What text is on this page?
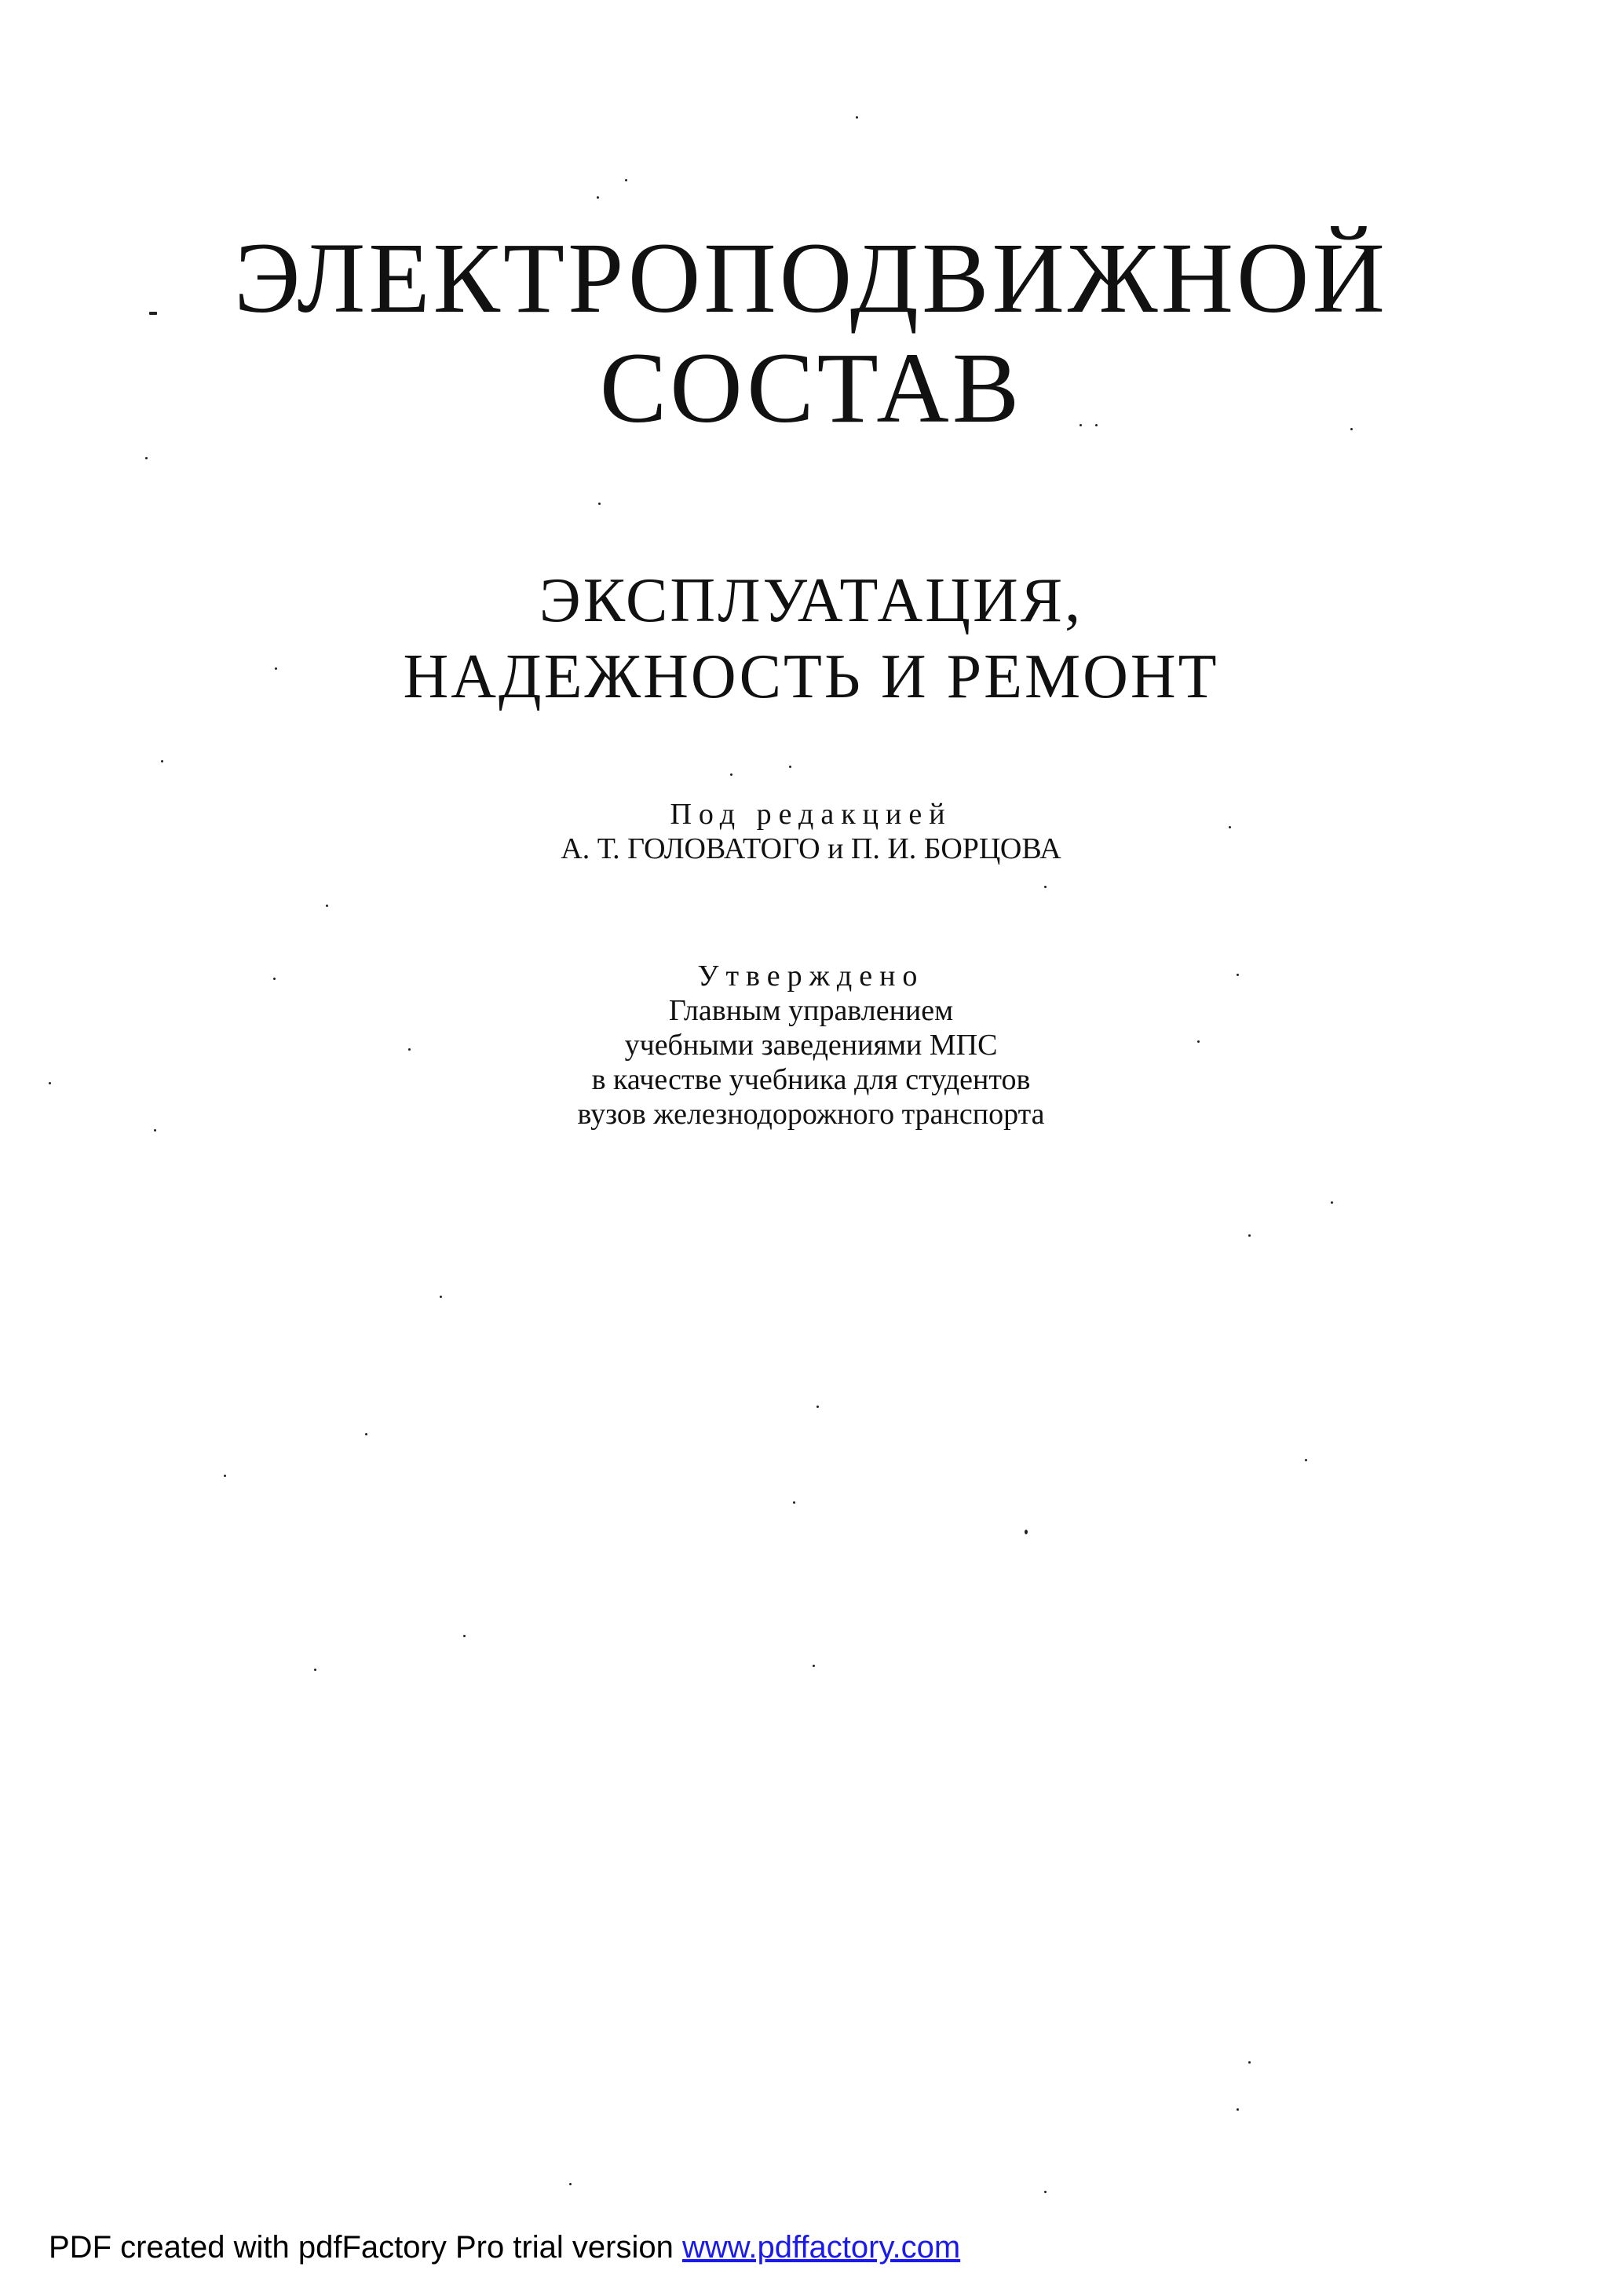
ЭЛЕКТРОПОДВИЖНОЙ
СОСТАВ
ЭКСПЛУАТАЦИЯ,
НАДЕЖНОСТЬ И РЕМОНТ
Под редакцией
А. Т. ГОЛОВАТОГО и П. И. БОРЦОВА
Утверждено
Главным управлением
учебными заведениями МПС
в качестве учебника для студентов
вузов железнодорожного транспорта
PDF created with pdfFactory Pro trial version www.pdffactory.com
